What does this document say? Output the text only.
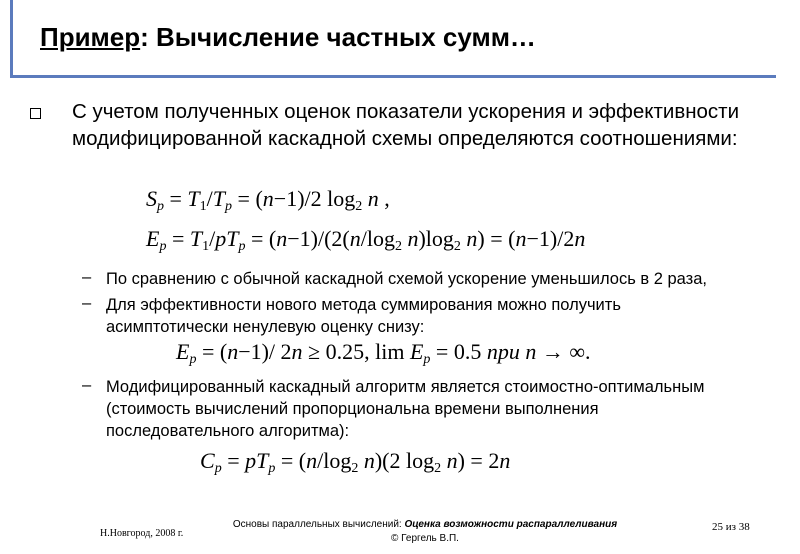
Пример: Вычисление частных сумм…
С учетом полученных оценок показатели ускорения и эффективности модифицированной каскадной схемы определяются соотношениями:
$S_p = T_1/T_p = (n-1)/2$ $\log_2 n$ ,
$E_p = T_1/pT_p = (n-1)/(2(n/\log_2$ $n)\log_2$ n) = (n−1)/2n
– По сравнению с обычной каскадной схемой ускорение уменьшилось в 2 раза,
– Для эффективности нового метода суммирования можно получить асимптотически ненулевую оценку снизу:
$E_p = (n-1)/$ 2n ≥ 0.25, $\lim E_p = 0.5$ при n → ∞.
– Модифицированный каскадный алгоритм является стоимостно-оптимальным (стоимость вычислений пропорциональна времени выполнения последовательного алгоритма):
$C_p = pT_p = (n/\log_2$ n)(2 $\log_2 n) = 2n$
Н.Новгород, 2008 г.
Основы параллельных вычислений: Оценка возможности распараллеливания
© Гергель В.П.
25 из 38
